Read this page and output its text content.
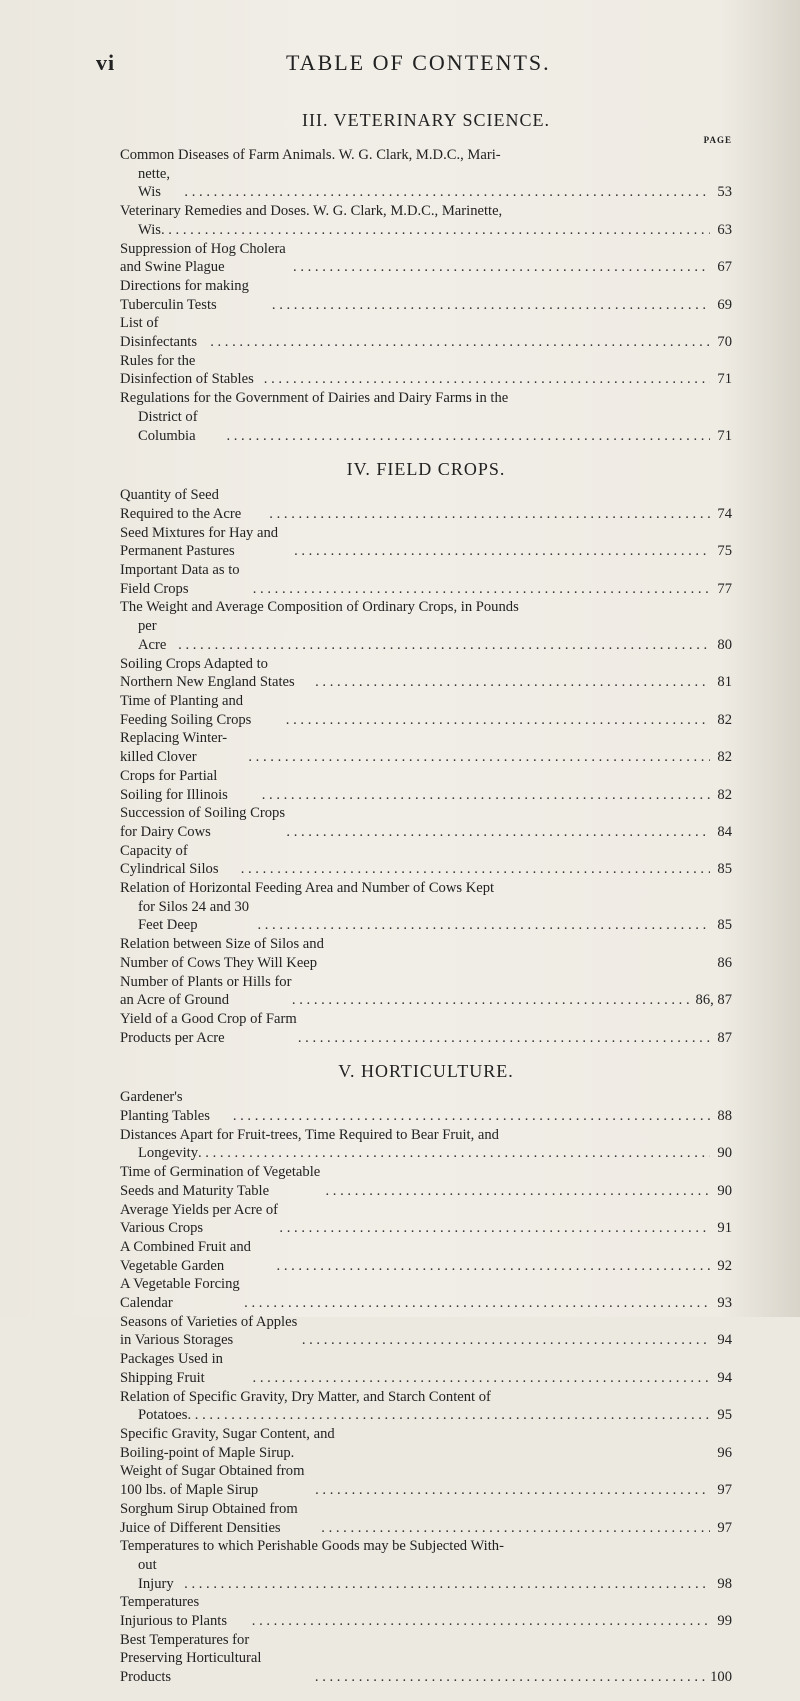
vi	TABLE OF CONTENTS.
III. VETERINARY SCIENCE.
PAGE
Common Diseases of Farm Animals. W. G. Clark, M.D.C., Mari-
nette, Wis . . .	53
Veterinary Remedies and Doses. W. G. Clark, M.D.C., Marinette,
Wis . . .	63
Suppression of Hog Cholera and Swine Plague . . .	67
Directions for making Tuberculin Tests . . .	69
List of Disinfectants . . .	70
Rules for the Disinfection of Stables . . .	71
Regulations for the Government of Dairies and Dairy Farms in the
District of Columbia . . .	71
IV. FIELD CROPS.
Quantity of Seed Required to the Acre . . .	74
Seed Mixtures for Hay and Permanent Pastures . . .	75
Important Data as to Field Crops . . .	77
The Weight and Average Composition of Ordinary Crops, in Pounds
per Acre . . .	80
Soiling Crops Adapted to Northern New England States . . .	81
Time of Planting and Feeding Soiling Crops . . .	82
Replacing Winter-killed Clover . . .	82
Crops for Partial Soiling for Illinois . . .	82
Succession of Soiling Crops for Dairy Cows . . .	84
Capacity of Cylindrical Silos . . .	85
Relation of Horizontal Feeding Area and Number of Cows Kept
for Silos 24 and 30 Feet Deep . . .	85
Relation between Size of Silos and Number of Cows They Will Keep	86
Number of Plants or Hills for an Acre of Ground . . .	86, 87
Yield of a Good Crop of Farm Products per Acre . . .	87
V. HORTICULTURE.
Gardener's Planting Tables . . .	88
Distances Apart for Fruit-trees, Time Required to Bear Fruit, and
Longevity . . .	90
Time of Germination of Vegetable Seeds and Maturity Table . . .	90
Average Yields per Acre of Various Crops . . .	91
A Combined Fruit and Vegetable Garden . . .	92
A Vegetable Forcing Calendar . . .	93
Seasons of Varieties of Apples in Various Storages . . .	94
Packages Used in Shipping Fruit . . .	94
Relation of Specific Gravity, Dry Matter, and Starch Content of
Potatoes . . .	95
Specific Gravity, Sugar Content, and Boiling-point of Maple Sirup.	96
Weight of Sugar Obtained from 100 lbs. of Maple Sirup . . .	97
Sorghum Sirup Obtained from Juice of Different Densities . . .	97
Temperatures to which Perishable Goods may be Subjected With-
out Injury . . .	98
Temperatures Injurious to Plants . . .	99
Best Temperatures for Preserving Horticultural Products . . .	100
